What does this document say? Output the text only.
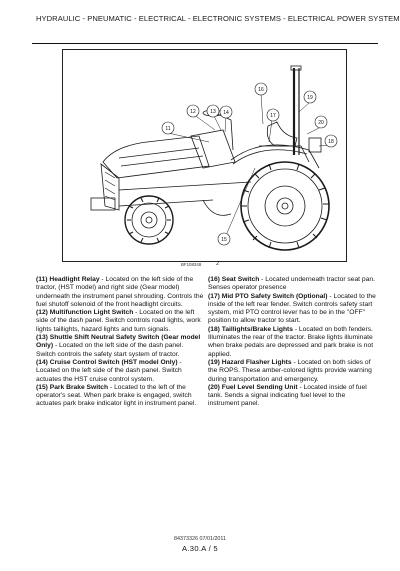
HYDRAULIC - PNEUMATIC - ELECTRICAL - ELECTRONIC SYSTEMS - ELECTRICAL POWER SYSTEM
16
19
11
12	13 14	17
20
18
15
BF108348	2
(11) Headlight Relay - Located on the left side of the tractor, (HST model) and right side (Gear model) underneath the instrument panel shrouding. Controls the fuel shutoff solenoid of the front headlight circuits.
(12) Multifunction Light Switch - Located on the left side of the dash panel. Switch controls road lights, work lights taillights, hazard lights and turn signals.
(13) Shuttle Shift Neutral Safety Switch (Gear model Only) - Located on the left side of the dash panel. Switch controls the safety start system of tractor.
(14) Cruise Control Switch (HST model Only) - Located on the left side of the dash panel. Switch actuates the HST cruise control system.
(15) Park Brake Switch - Located to the left of the operator's seat. When park brake is engaged, switch actuates park brake indicator light in instrument panel.
(16) Seat Switch - Located underneath tractor seat pan. Senses operator presence
(17) Mid PTO Safety Switch (Optional) - Located to the inside of the left rear fender. Switch controls safety start system, mid PTO control lever has to be in the "OFF" position to allow tractor to start.
(18) Taillights/Brake Lights - Located on both fenders. Illuminates the rear of the tractor. Brake lights illuminate when brake pedals are depressed and park brake is not applied.
(19) Hazard Flasher Lights - Located on both sides of the ROPS. These amber-colored lights provide warning during transportation and emergency.
(20) Fuel Level Sending Unit - Located inside of fuel tank. Sends a signal indicating fuel level to the instrument panel.
84373326 07/01/2011
A.30.A / 5
